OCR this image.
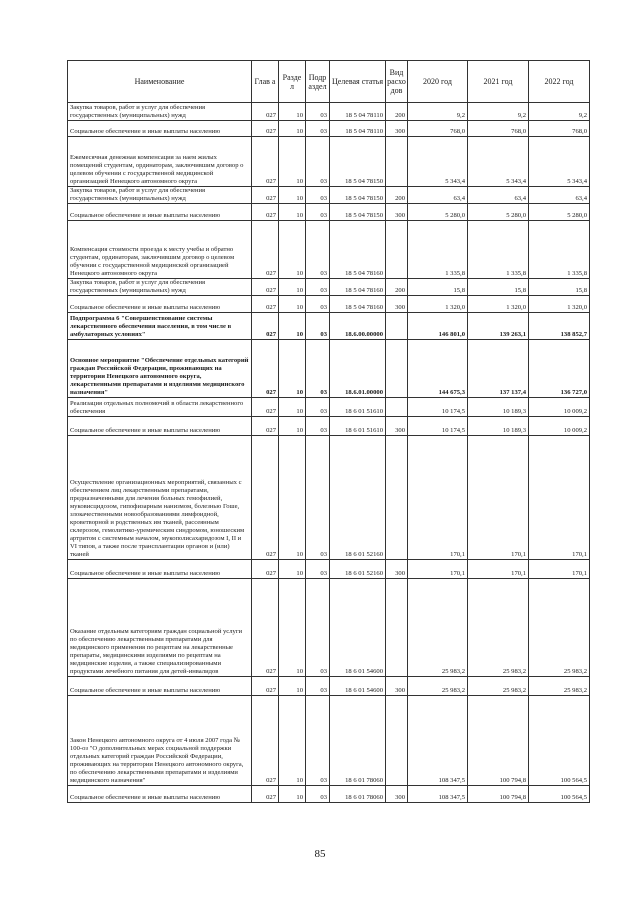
Наименование	Глав а	Разде л	Подр аздел	Целевая статья	Вид расхо дов	2020 год	2021 год	2022 год
Закупка товаров, работ и услуг для обеспечения государственных (муниципальных) нужд	027	10	03	18 5 04 78110	200	9,2	9,2	9,2
Социальное обеспечение и иные выплаты населению	027	10	03	18 5 04 78110	300	768,0	768,0	768,0
Ежемесячная денежная компенсация за наем жилых помещений студентам, ординаторам, заключившим договор о целевом обучении с государственной медицинской организацией Ненецкого автономного округа	027	10	03	18 5 04 78150		5 343,4	5 343,4	5 343,4
Закупка товаров, работ и услуг для обеспечения государственных (муниципальных) нужд	027	10	03	18 5 04 78150	200	63,4	63,4	63,4
Социальное обеспечение и иные выплаты населению	027	10	03	18 5 04 78150	300	5 280,0	5 280,0	5 280,0
Компенсация стоимости проезда к месту учебы и обратно студентам, ординаторам, заключившим договор о целевом обучении с государственной медицинской организацией Ненецкого автономного округа	027	10	03	18 5 04 78160		1 335,8	1 335,8	1 335,8
Закупка товаров, работ и услуг для обеспечения государственных (муниципальных) нужд	027	10	03	18 5 04 78160	200	15,8	15,8	15,8
Социальное обеспечение и иные выплаты населению	027	10	03	18 5 04 78160	300	1 320,0	1 320,0	1 320,0
Подпрограмма 6 "Совершенствование системы лекарственного обеспечения населения, в том числе в амбулаторных условиях"	027	10	03	18.6.00.00000		146 801,0	139 263,1	138 852,7
Основное мероприятие "Обеспечение отдельных категорий граждан Российской Федерации, проживающих на территории Ненецкого автономного округа, лекарственными препаратами и изделиями медицинского назначения"	027	10	03	18.6.01.00000		144 675,3	137 137,4	136 727,0
Реализация отдельных полномочий в области лекарственного обеспечения	027	10	03	18 6 01 51610		10 174,5	10 189,3	10 009,2
Социальное обеспечение и иные выплаты населению	027	10	03	18 6 01 51610	300	10 174,5	10 189,3	10 009,2
Осуществление организационных мероприятий, связанных с обеспечением лиц лекарственными препаратами, предназначенными для лечения больных гемофилией, муковисцидозом, гипофизарным нанизмом, болезнью Гоше, злокачественными новообразованиями лимфоидной, кроветворной и родственных им тканей, рассеянным склерозом, гемолитико-уремическим синдромом, юношеским артритом с системным началом, мукополисахаридозом I, II и VI типов, а также после трансплантации органов и (или) тканей	027	10	03	18 6 01 52160		170,1	170,1	170,1
Социальное обеспечение и иные выплаты населению	027	10	03	18 6 01 52160	300	170,1	170,1	170,1
Оказание отдельным категориям граждан социальной услуги по обеспечению лекарственными препаратами для медицинского применения по рецептам на лекарственные препараты, медицинскими изделиями по рецептам на медицинские изделия, а также специализированными продуктами лечебного питания для детей-инвалидов	027	10	03	18 6 01 54600		25 983,2	25 983,2	25 983,2
Социальное обеспечение и иные выплаты населению	027	10	03	18 6 01 54600	300	25 983,2	25 983,2	25 983,2
Закон Ненецкого автономного округа от 4 июля 2007 года № 100-оз "О дополнительных мерах социальной поддержки отдельных категорий граждан Российской Федерации, проживающих на территории Ненецкого автономного округа, по обеспечению лекарственными препаратами и изделиями медицинского назначения"	027	10	03	18 6 01 78060		108 347,5	100 794,8	100 564,5
Социальное обеспечение и иные выплаты населению	027	10	03	18 6 01 78060	300	108 347,5	100 794,8	100 564,5
85
